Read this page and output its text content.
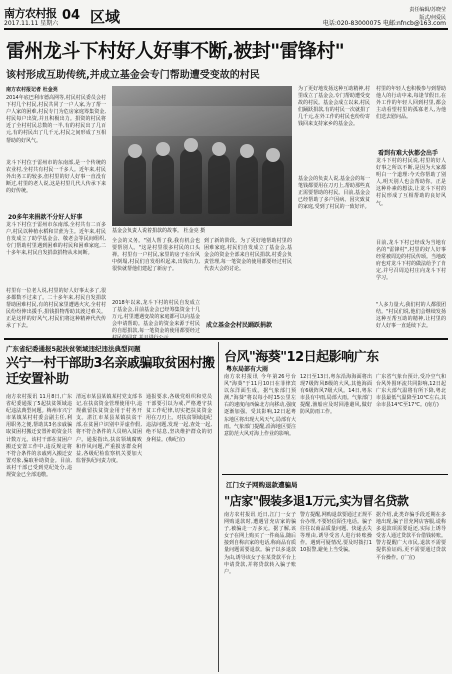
南方农村报
2017.11.11 星期六
04 区域	责任编辑/苏晓莹
版式/何爱民
电话:020-83000075 电邮:nfncb@163.com
雷州龙斗下村好人好事不断,被封"雷锋村"
该村形成互助传统,并成立基金会专门帮助遭受变故的村民
南方农村报记者 杜金亮
2014年底巴利市德高网等,村民村民委员会村下村几个村民,村民共同了一户人家,为了帮一户人家的困难,村民专门为危房家庭筹集资金,村民每户出资,并且积极出力。捐资的村民将近了全村村民总数的一半,有的村民出了几百元,有的村民出了几千元,村民之间形成了互相帮助的好风气。
龙斗下村位于雷州市的东南部,是一个传统的农业村,全村共有村民一千多人。近年来,村民外出务工的较多,但村里的好人好事一直没有断过,村里的老人说,这是村里几代人传承下来的好传统。
20多年来捐款不分好人好事
龙斗下村位于雷州市东南部,全村共有二百多户,村民以种植水稻和甘蔗为主。近年来,村民自发成立了助学基金会、敬老会等民间组织,专门帮助村里遇到困难的村民和困难家庭,二十多年来,村民自发捐款捐物从未间断。
村里有一位老人说,村里的好人好事太多了,很多都数不过来了。二十多年来,村民自发捐款帮助困难村民,有的村民家里遭遇火灾,全村村民纷纷伸出援手,捐钱捐物帮助其渡过难关。正是这样的好风气,村民们将这种精神代代传承了下去。
基金会负责人说着捐款的故事。 杜金亮 摄
全会的义务。"别人帮了我,我有机会也要帮别人。"这是村里很多村民的口头禅。村里有一户村民,家里的房子在台风中倒塌,村民们自发组织起来,出钱出力,很快就帮他们建起了新房子。
到了新的阶段。为了更好地帮助村里的困难家庭,村民们自发成立了基金会,基金会的资金全部来自村民捐款,村委会负责管理,每一笔资金的使用都要经过村民代表大会的讨论。
成立基金会村民踊跃捐款
2018年以来,龙斗下村的村民自发成立了基金会,目前基金会已经筹集资金十几万元,村里遭遇变故的家庭都可以向基金会申请帮助。基金会的资金来源于村民的自愿捐款,每一笔资金的使用都要经过
为了更好地发扬这种互助精神,村里成立了基金会,专门帮助遭受变故的村民。基金会成立以来,村民们踊跃捐款,有的村民一次就捐了几千元,在外工作的村民也纷纷寄钱回来支持家乡的基金会。
基金会的负责人说,基金会的每一笔钱都要用在刀刃上,帮助那些真正需要帮助的村民。目前,基金会已经帮助了多户因病、因灾致贫的家庭,受到了村民的一致好评。
村里的年轻人也积极参与到帮助他人的行动中来,每逢节假日,在外工作的年轻人回到村里,都会主动看望村里的孤寡老人,为他们送去慰问品。
看到有难大伙都会出手
龙斗下村的村民说,村里的好人好事之所以不断,是因为大家都明白一个道理:今天你帮助了别人,明天别人也会帮助你。正是这种朴素的想法,让龙斗下村的村民形成了互相帮助的良好风气。
目前,龙斗下村已经成为当地有名的"雷锋村",村里的好人好事经常被周边的村民传颂。当地政府也对龙斗下村的做法给予了肯定,并号召周边村庄向龙斗下村学习。
"人多力量大,我们村的人都很团结。"村民们说,他们会继续发扬这种互帮互助的精神,让村里的好人好事一直延续下去。
广东省纪委通报5起扶贫领域违纪违法典型问题
兴宁一村干部助3名亲戚骗取贫困村搬迁安置补助
南方农村报讯 11月8日,广东省纪委通报了5起扶贫领域违纪违法典型问题。梅州市兴宁市某镇某村村委会副主任,利用职务之便,帮助其3名亲戚骗取贫困村搬迁安置补助资金共计数万元。该村干部在贫困户搬迁安置工作中,违反规定将不符合条件的亲戚列入搬迁安置对象,骗取补助资金。目前,该村干部已受到党纪处分,违规资金已全部追缴。
清远市某县某镇某村党支部书记,在扶贫资金管理使用中,违规截留扶贫资金用于村务开支。湛江市某县某镇扶贫干部,在贫困户识别中弄虚作假,将不符合条件的人员纳入贫困户。通报指出,扶贫领域腐败和作风问题,严重损害群众利益,各级纪检监察机关要加大监督执纪问责力度。
通报要求,各级党组织和党员干部要引以为戒,严格遵守扶贫工作纪律,切实把扶贫资金用在刀刃上。对扶贫领域违纪违法问题,发现一起,查处一起,绝不姑息,坚决维护群众的切身利益。(梅纪宣)
台风"海葵"12日起影响广东
粤东局部有大雨
南方农村报讯 今年第26号台风"海葵"于11月10日在菲律宾以东洋面生成。据气象部门预测,"海葵"将以每小时15公里左右的速度向西偏北方向移动,强度逐渐加强。受其影响,12日起粤东地区将出现大风天气,局部有大雨。气象部门提醒,沿海地区要注意防范大风对海上作业的影响。
12日至13日,粤东沿海海面将出现7级阵风8级的大风,其他海面有6级阵风7级大风。14日,粤东市县有中雨,局部大雨。气象部门提醒,渔船应及时回港避风,做好防风防雨工作。
广东省气象台预计,受冷空气和台风外围环流共同影响,12日起广东大部气温将有所下降,粤北市县最低气温降至10℃左右,其余市县14℃至17℃。(南方)
江门女子网购退款遭骗局
"店家"假装多退1万元,实为冒名贷款
南方农村报讯 近日,江门一女子网购退款时,遭遇冒充店家的骗子,被骗走一万多元。据了解,该女子在网上购买了一件商品,随后接到自称店家的电话,称商品有质量问题需要退款。骗子以多退款为由,诱导该女子在某贷款平台上申请贷款,并将贷款转入骗子账户。
警方提醒,网购退款要通过正规平台办理,不要轻信陌生电话。骗子往往以商品质量问题、快递丢失等理由,诱导受害人进行转账操作。遇到可疑情况,要及时拨打110报警,避免上当受骗。
据介绍,此类诈骗手段近期在多地出现,骗子冒充网店客服,谎称多退款项需要返还,实际上诱导受害人通过贷款平台借钱转账。警方提醒广大市民,退款不需要提供验证码,更不需要通过贷款平台操作。(广宣)
